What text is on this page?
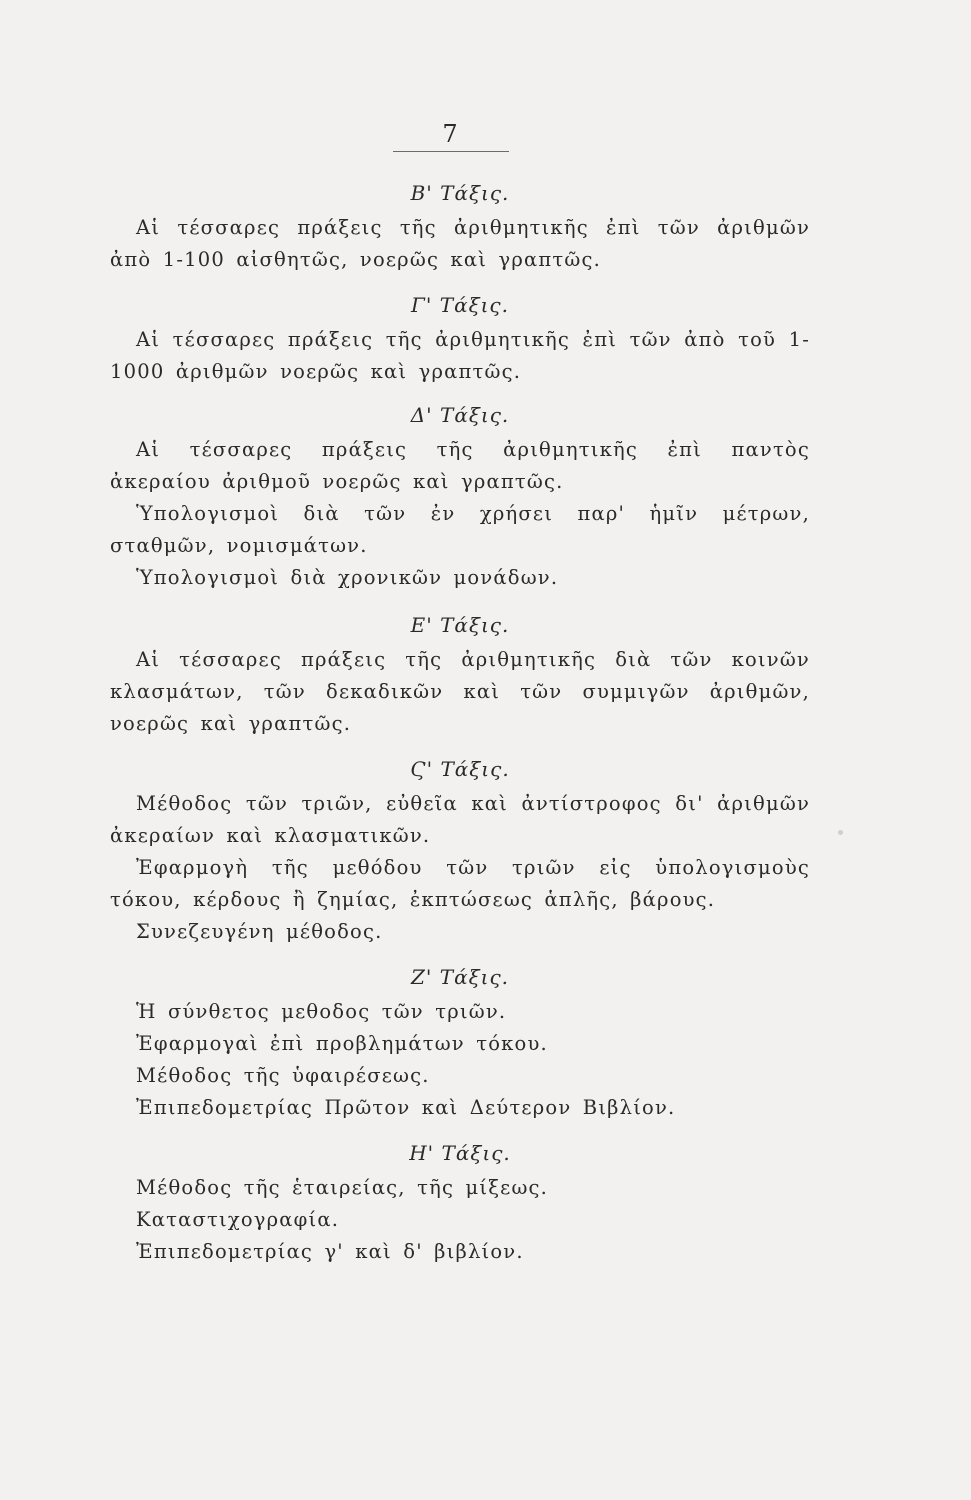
7
Β' Τάξις.

Αἱ τέσσαρες πράξεις τῆς ἀριθμητικῆς ἐπὶ τῶν ἀριθμῶν ἀπὸ 1-100 αἰσθητῶς, νοερῶς καὶ γραπτῶς.

Γ' Τάξις.

Αἱ τέσσαρες πράξεις τῆς ἀριθμητικῆς ἐπὶ τῶν ἀπὸ τοῦ 1-1000 ἀριθμῶν νοερῶς καὶ γραπτῶς.

Δ' Τάξις.

Αἱ τέσσαρες πράξεις τῆς ἀριθμητικῆς ἐπὶ παντὸς ἀκεραίου ἀριθμοῦ νοερῶς καὶ γραπτῶς.

Ὑπολογισμοὶ διὰ τῶν ἐν χρήσει παρ' ἡμῖν μέτρων, σταθμῶν, νομισμάτων.

Ὑπολογισμοὶ διὰ χρονικῶν μονάδων.

Ε' Τάξις.

Αἱ τέσσαρες πράξεις τῆς ἀριθμητικῆς διὰ τῶν κοινῶν κλασμάτων, τῶν δεκαδικῶν καὶ τῶν συμμιγῶν ἀριθμῶν, νοερῶς καὶ γραπτῶς.

Ϛ' Τάξις.

Μέθοδος τῶν τριῶν, εὐθεῖα καὶ ἀντίστροφος δι' ἀριθμῶν ἀκεραίων καὶ κλασματικῶν.

Ἐφαρμογὴ τῆς μεθόδου τῶν τριῶν εἰς ὑπολογισμοὺς τόκου, κέρδους ἢ ζημίας, ἐκπτώσεως ἁπλῆς, βάρους.

Συνεζευγένη μέθοδος.

Ζ' Τάξις.

Ἡ σύνθετος μεθοδος τῶν τριῶν.

Ἐφαρμογαὶ ἐπὶ προβλημάτων τόκου.

Μέθοδος τῆς ὑφαιρέσεως.

Ἐπιπεδομετρίας Πρῶτον καὶ Δεύτερον Βιβλίον.

Η' Τάξις.

Μέθοδος τῆς ἑταιρείας, τῆς μίξεως.

Καταστιχογραφία.

Ἐπιπεδομετρίας γ' καὶ δ' βιβλίον.
